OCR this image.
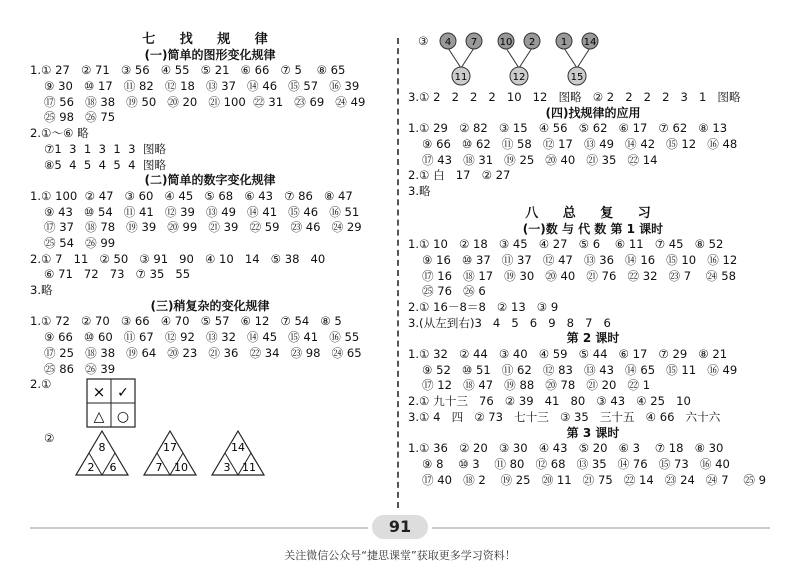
七 找 规 律
(一)简单的图形变化规律
1.① 27   ② 71   ③ 56   ④ 55   ⑤ 21   ⑥ 66   ⑦ 5    ⑧ 65
⑨ 30   ⑩ 17   ⑪ 82   ⑫ 18   ⑬ 37   ⑭ 46   ⑮ 57   ⑯ 39
⑰ 56   ⑱ 38   ⑲ 50   ⑳ 20   ㉑ 100  ㉒ 31   ㉓ 69   ㉔ 49
㉕ 98   ㉖ 75
2.①～⑥ 略
⑦1  3  1  3  1  3  图略
⑧5  4  5  4  5  4  图略
(二)简单的数字变化规律
1.① 100  ② 47   ③ 60   ④ 45   ⑤ 68   ⑥ 43   ⑦ 86   ⑧ 47
⑨ 43   ⑩ 54   ⑪ 41   ⑫ 39   ⑬ 49   ⑭ 41   ⑮ 46   ⑯ 51
⑰ 37   ⑱ 78   ⑲ 39   ⑳ 99   ㉑ 39   ㉒ 59   ㉓ 46   ㉔ 29
㉕ 54   ㉖ 99
2.① 7   11   ② 50   ③ 91   90   ④ 10   14   ⑤ 38   40
⑥ 71   72   73   ⑦ 35   55
3.略
(三)稍复杂的变化规律
1.① 72   ② 70   ③ 66   ④ 70   ⑤ 57   ⑥ 12   ⑦ 54   ⑧ 5
⑨ 66   ⑩ 60   ⑪ 67   ⑫ 92   ⑬ 32   ⑭ 45   ⑮ 41   ⑯ 55
⑰ 25   ⑱ 38   ⑲ 64   ⑳ 23   ㉑ 36   ㉒ 34   ㉓ 98   ㉔ 65
㉕ 86   ㉖ 39
2.①	× ✓
△ ○
②
8
2 6
17
7 10
14
3 11
③ 4 7
11
10 2
12
1 14
15
3.① 2   2   2   2   10   12   图略   ② 2   2   2   2   3   1   图略
(四)找规律的应用
1.① 29   ② 82   ③ 15   ④ 56   ⑤ 62   ⑥ 17   ⑦ 62   ⑧ 13
⑨ 66   ⑩ 62   ⑪ 58   ⑫ 17   ⑬ 49   ⑭ 42   ⑮ 12   ⑯ 48
⑰ 43   ⑱ 31   ⑲ 25   ⑳ 40   ㉑ 35   ㉒ 14
2.① 白   17   ② 27
3.略
八 总 复 习
(一)数 与 代 数 第 1 课时
1.① 10   ② 18   ③ 45   ④ 27   ⑤ 6    ⑥ 11   ⑦ 45   ⑧ 52
⑨ 16   ⑩ 37   ⑪ 37   ⑫ 47   ⑬ 36   ⑭ 16   ⑮ 10   ⑯ 12
⑰ 16   ⑱ 17   ⑲ 30   ⑳ 40   ㉑ 76   ㉒ 32   ㉓ 7    ㉔ 58
㉕ 76   ㉖ 6
2.① 16－8＝8   ② 13   ③ 9
3.(从左到右)3   4   5   6   9   8   7   6
第 2 课时
1.① 32   ② 44   ③ 40   ④ 59   ⑤ 44   ⑥ 17   ⑦ 29   ⑧ 21
⑨ 52   ⑩ 51   ⑪ 62   ⑫ 83   ⑬ 43   ⑭ 65   ⑮ 11   ⑯ 49
⑰ 12   ⑱ 47   ⑲ 88   ⑳ 78   ㉑ 20   ㉒ 1
2.① 九十三   76   ② 39   41   80   ③ 43   ④ 25   10
3.① 4   四   ② 73   七十三   ③ 35   三十五   ④ 66   六十六
第 3 课时
1.① 36   ② 20   ③ 30   ④ 43   ⑤ 20   ⑥ 3    ⑦ 18   ⑧ 30
⑨ 8    ⑩ 3    ⑪ 80   ⑫ 68   ⑬ 35   ⑭ 76   ⑮ 73   ⑯ 40
⑰ 40   ⑱ 2    ⑲ 25   ⑳ 11   ㉑ 75   ㉒ 14   ㉓ 24   ㉔ 7    ㉕ 9
91
关注微信公众号“捷思课堂”获取更多学习资料！
